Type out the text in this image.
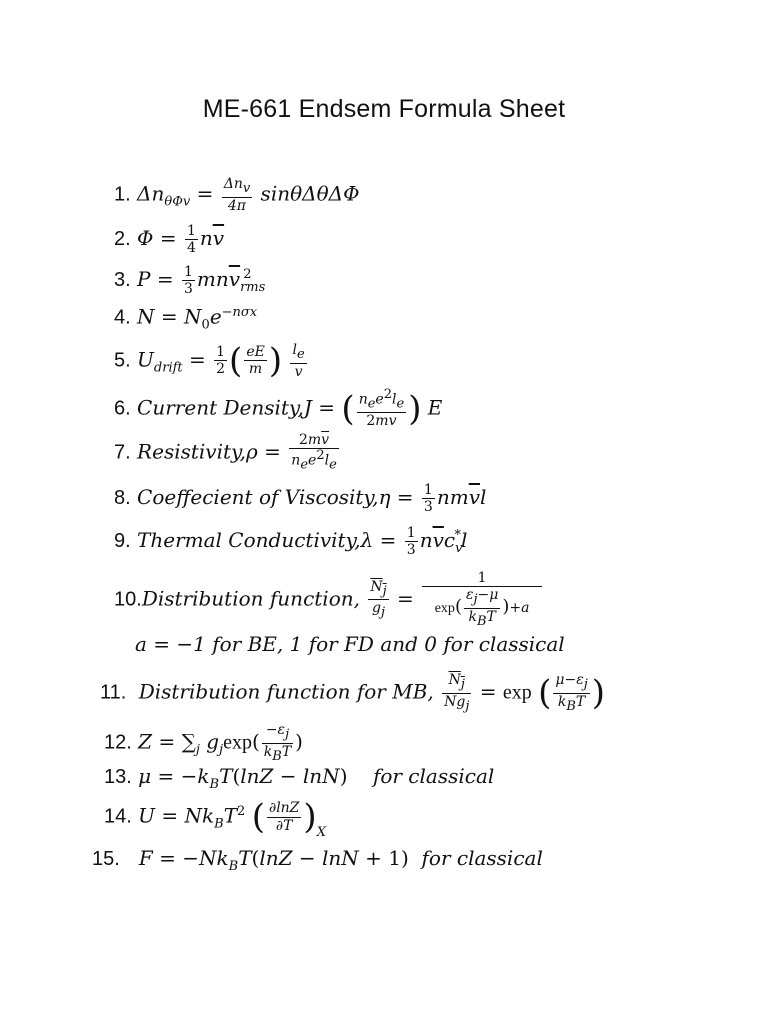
ME-661 Endsem Formula Sheet
1. $\Delta n_{\theta\Phi v} = \frac{\Delta n_v}{4\pi}$ sinθΔθΔΦ
2. $\Phi = \frac{1}{4} n\overline{v}$
3. $P = \frac{1}{3} mn\overline{v}_{rms}^2$
4. $N = N_0e^{-n\sigma x}$
5. $U_{drift} = \frac{1}{2}$ ( $\frac{eE}{m}$ ) $\frac{l_e}{v}$
6. Current Density,J = ( $\frac{n_ee^2l_e}{2m\overline{v}}$ ) E
7. Resistivity,ρ = $\frac{2m\overline{v}}{n_ee^2l_e}$
8. Coeffecient of Viscosity,η = $\frac{1}{3} nm\overline{v}l$
9. Thermal Conductivity,λ = $\frac{1}{3} n\overline{v}c_v^*l$
10.Distribution function, $\frac{N_j}{g_j} = \frac{1}{\exp( \frac{\varepsilon_j-\mu}{k_BT} )+a}$
a = −1 for BE, 1 for FD and 0 for classical
11. Distribution function for MB, $\frac{N_j}{Ng_j} = \exp$ ( $\frac{\mu-\varepsilon_j}{k_BT}$ )
12. $Z = \sum_j$ $g_j\exp( \frac{-\varepsilon_j}{k_BT}$ )
13. $\mu = -k_BT(\ln Z - \ln N)$ for classical
14. $U = Nk_BT^2$ ( $\frac{\partial\ln Z}{\partial T} )_X$
15.   $F = -Nk_BT(\ln Z - \ln N + 1)$ for classical
